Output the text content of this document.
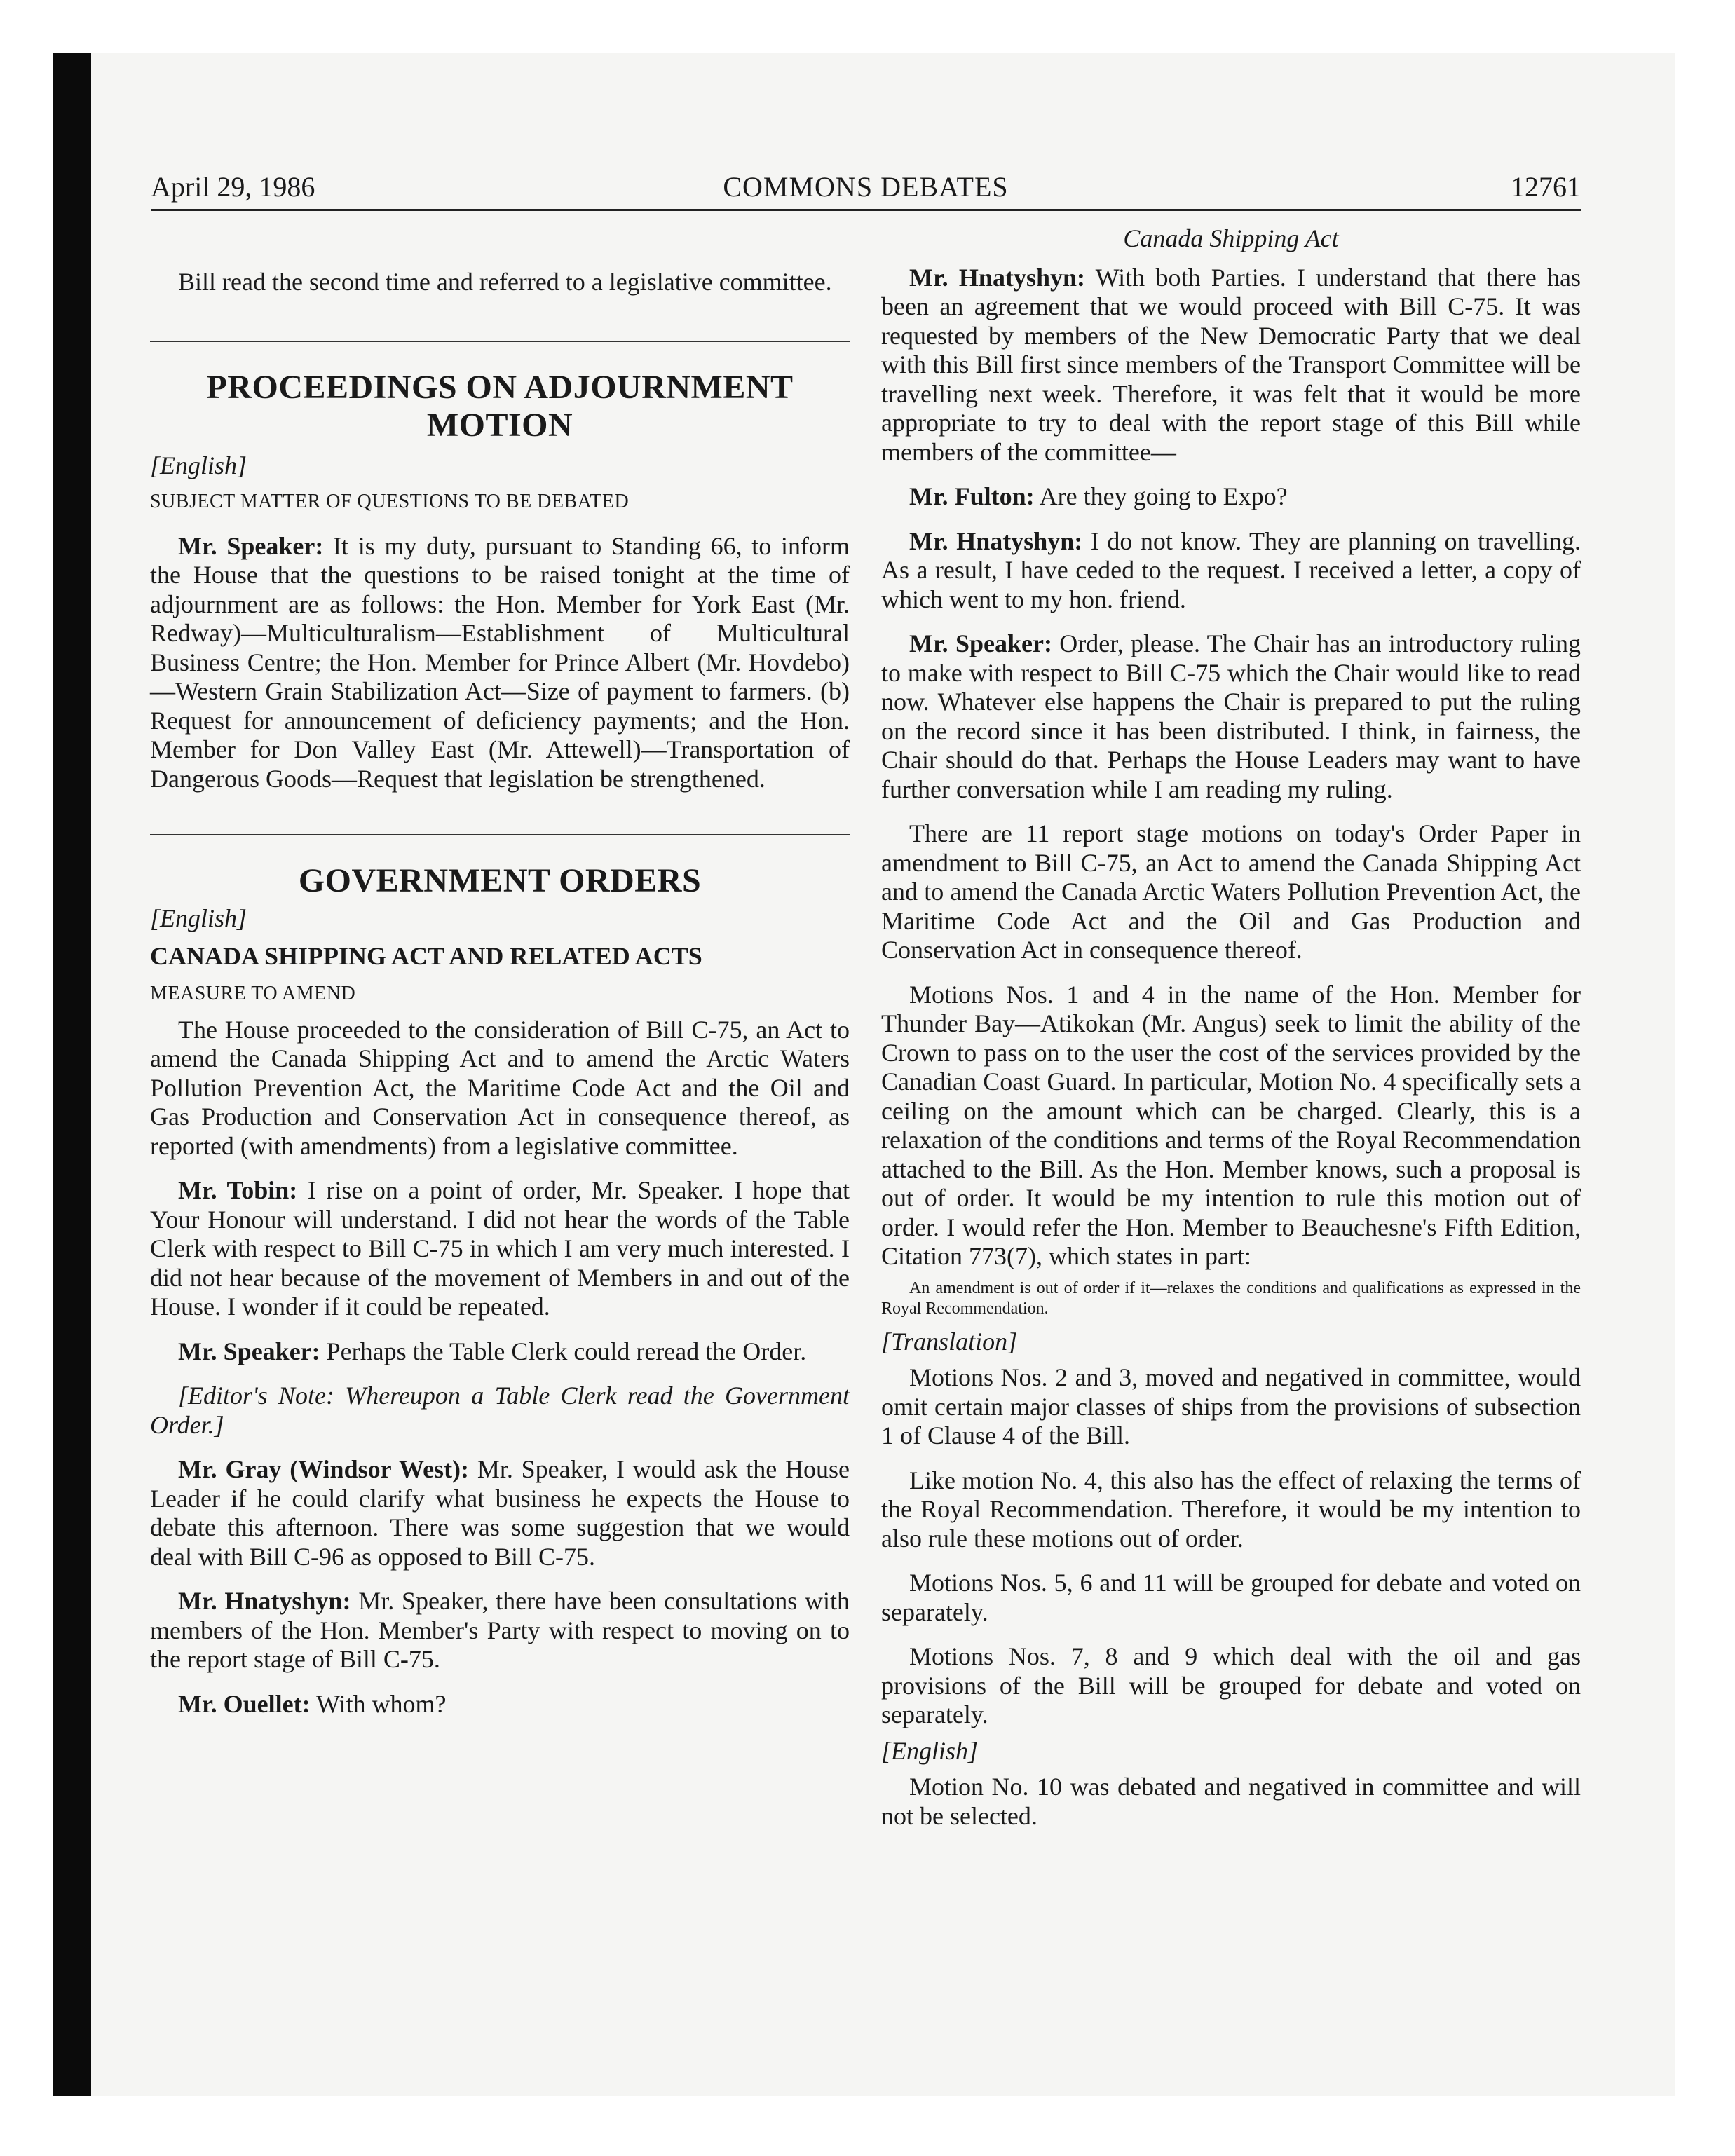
April 29, 1986	COMMONS DEBATES	12761

Bill read the second time and referred to a legislative committee.

PROCEEDINGS ON ADJOURNMENT MOTION

[English]

SUBJECT MATTER OF QUESTIONS TO BE DEBATED

Mr. Speaker: It is my duty, pursuant to Standing 66, to inform the House that the questions to be raised tonight at the time of adjournment are as follows: the Hon. Member for York East (Mr. Redway)—Multiculturalism—Establishment of Multicultural Business Centre; the Hon. Member for Prince Albert (Mr. Hovdebo)—Western Grain Stabilization Act—Size of payment to farmers. (b) Request for announcement of deficiency payments; and the Hon. Member for Don Valley East (Mr. Attewell)—Transportation of Dangerous Goods—Request that legislation be strengthened.

GOVERNMENT ORDERS

[English]

CANADA SHIPPING ACT AND RELATED ACTS

MEASURE TO AMEND

The House proceeded to the consideration of Bill C-75, an Act to amend the Canada Shipping Act and to amend the Arctic Waters Pollution Prevention Act, the Maritime Code Act and the Oil and Gas Production and Conservation Act in consequence thereof, as reported (with amendments) from a legislative committee.

Mr. Tobin: I rise on a point of order, Mr. Speaker. I hope that Your Honour will understand. I did not hear the words of the Table Clerk with respect to Bill C-75 in which I am very much interested. I did not hear because of the movement of Members in and out of the House. I wonder if it could be repeated.

Mr. Speaker: Perhaps the Table Clerk could reread the Order.

[Editor's Note: Whereupon a Table Clerk read the Government Order.]

Mr. Gray (Windsor West): Mr. Speaker, I would ask the House Leader if he could clarify what business he expects the House to debate this afternoon. There was some suggestion that we would deal with Bill C-96 as opposed to Bill C-75.

Mr. Hnatyshyn: Mr. Speaker, there have been consultations with members of the Hon. Member's Party with respect to moving on to the report stage of Bill C-75.

Mr. Ouellet: With whom?

Canada Shipping Act

Mr. Hnatyshyn: With both Parties. I understand that there has been an agreement that we would proceed with Bill C-75. It was requested by members of the New Democratic Party that we deal with this Bill first since members of the Transport Committee will be travelling next week. Therefore, it was felt that it would be more appropriate to try to deal with the report stage of this Bill while members of the committee—

Mr. Fulton: Are they going to Expo?

Mr. Hnatyshyn: I do not know. They are planning on travelling. As a result, I have ceded to the request. I received a letter, a copy of which went to my hon. friend.

Mr. Speaker: Order, please. The Chair has an introductory ruling to make with respect to Bill C-75 which the Chair would like to read now. Whatever else happens the Chair is prepared to put the ruling on the record since it has been distributed. I think, in fairness, the Chair should do that. Perhaps the House Leaders may want to have further conversation while I am reading my ruling.

There are 11 report stage motions on today's Order Paper in amendment to Bill C-75, an Act to amend the Canada Shipping Act and to amend the Canada Arctic Waters Pollution Prevention Act, the Maritime Code Act and the Oil and Gas Production and Conservation Act in consequence thereof.

Motions Nos. 1 and 4 in the name of the Hon. Member for Thunder Bay—Atikokan (Mr. Angus) seek to limit the ability of the Crown to pass on to the user the cost of the services provided by the Canadian Coast Guard. In particular, Motion No. 4 specifically sets a ceiling on the amount which can be charged. Clearly, this is a relaxation of the conditions and terms of the Royal Recommendation attached to the Bill. As the Hon. Member knows, such a proposal is out of order. It would be my intention to rule this motion out of order. I would refer the Hon. Member to Beauchesne's Fifth Edition, Citation 773(7), which states in part:

An amendment is out of order if it—relaxes the conditions and qualifications as expressed in the Royal Recommendation.

[Translation]

Motions Nos. 2 and 3, moved and negatived in committee, would omit certain major classes of ships from the provisions of subsection 1 of Clause 4 of the Bill.

Like motion No. 4, this also has the effect of relaxing the terms of the Royal Recommendation. Therefore, it would be my intention to also rule these motions out of order.

Motions Nos. 5, 6 and 11 will be grouped for debate and voted on separately.

Motions Nos. 7, 8 and 9 which deal with the oil and gas provisions of the Bill will be grouped for debate and voted on separately.

[English]

Motion No. 10 was debated and negatived in committee and will not be selected.
